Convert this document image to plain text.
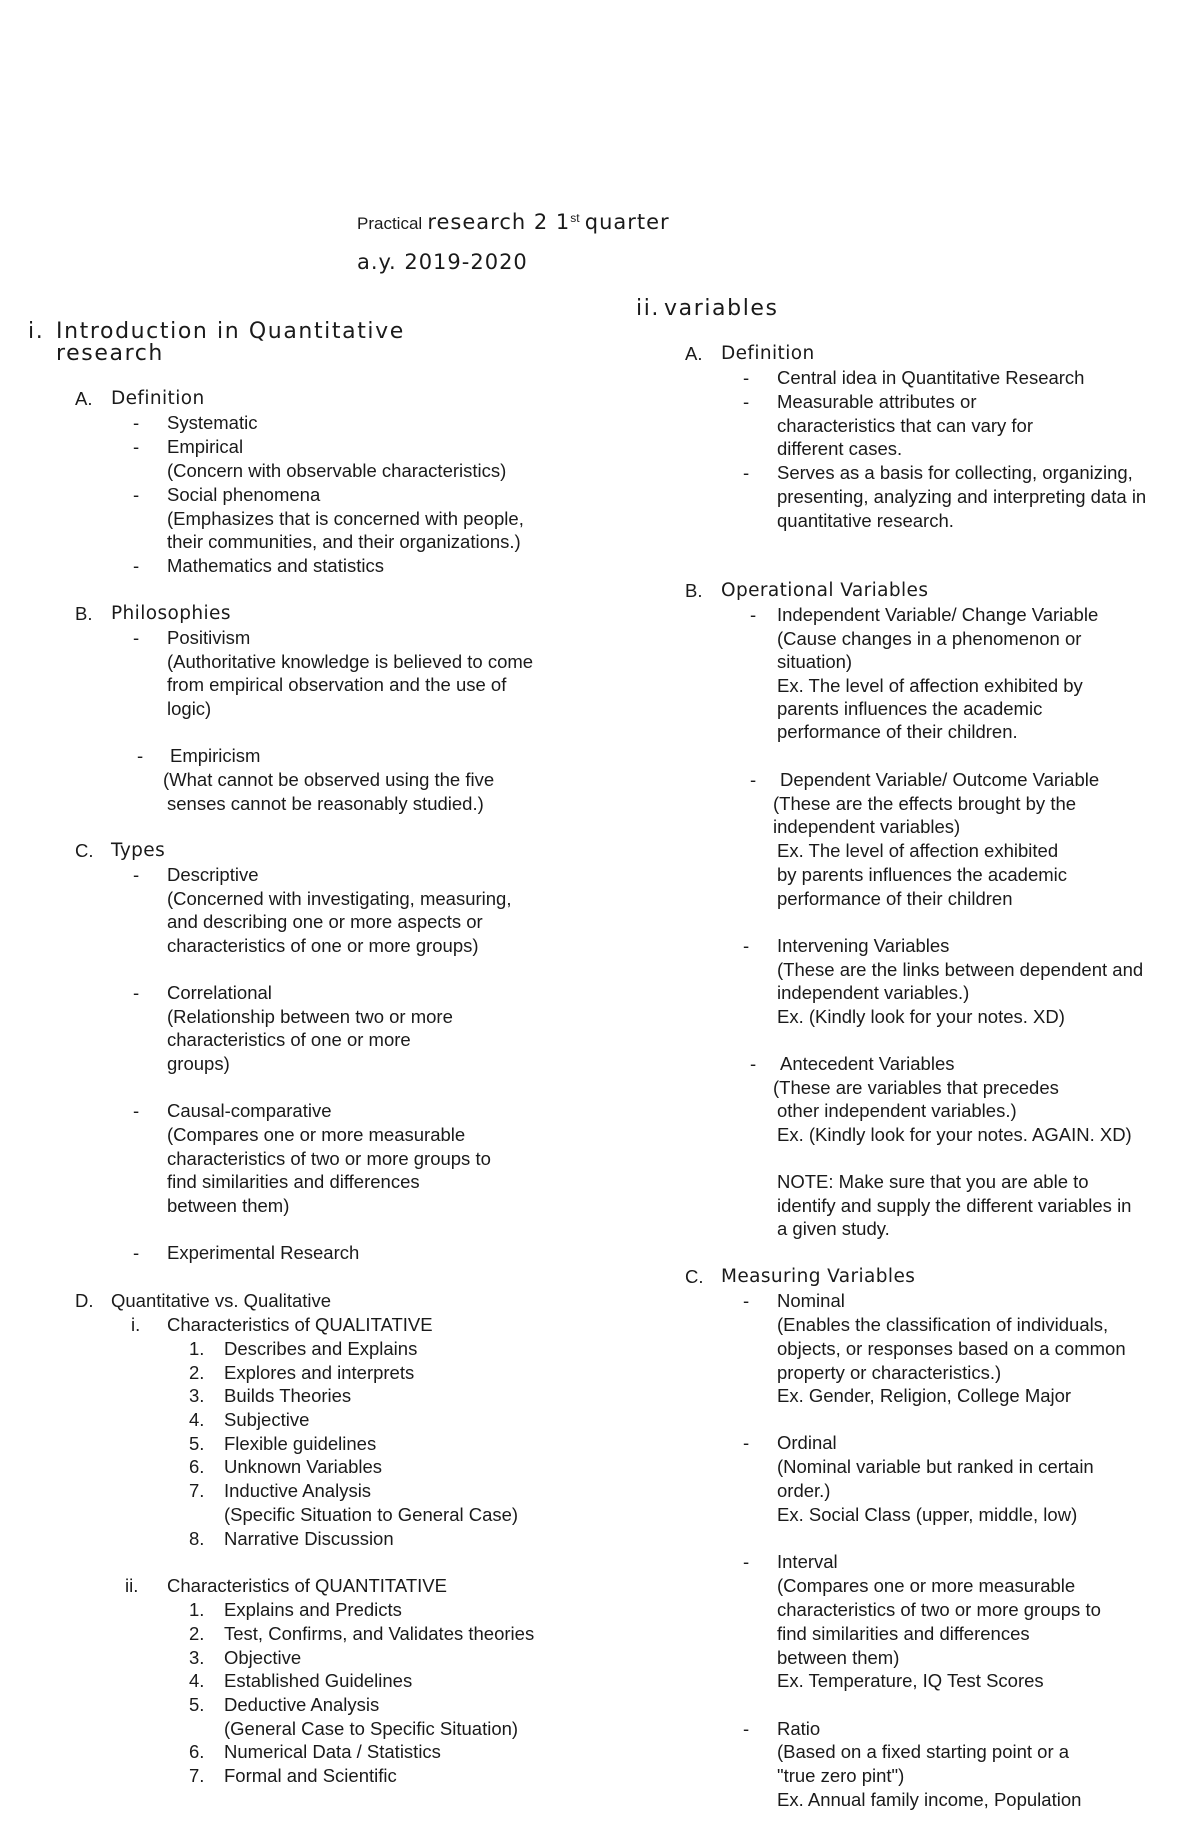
Practical research 2 1st quarter
a.y. 2019-2020
i. Introduction in Quantitative
research
A. Definition
- Systematic
- Empirical
(Concern with observable characteristics)
- Social phenomena
(Emphasizes that is concerned with people,
their communities, and their organizations.)
- Mathematics and statistics
B. Philosophies
- Positivism
(Authoritative knowledge is believed to come
from empirical observation and the use of
logic)
- Empiricism
(What cannot be observed using the five
senses cannot be reasonably studied.)
C. Types
- Descriptive
(Concerned with investigating, measuring,
and describing one or more aspects or
characteristics of one or more groups)
- Correlational
(Relationship between two or more
characteristics of one or more
groups)
- Causal-comparative
(Compares one or more measurable
characteristics of two or more groups to
find similarities and differences
between them)
- Experimental Research
D. Quantitative vs. Qualitative
i. Characteristics of QUALITATIVE
1. Describes and Explains
2. Explores and interprets
3. Builds Theories
4. Subjective
5. Flexible guidelines
6. Unknown Variables
7. Inductive Analysis
(Specific Situation to General Case)
8. Narrative Discussion
ii. Characteristics of QUANTITATIVE
1. Explains and Predicts
2. Test, Confirms, and Validates theories
3. Objective
4. Established Guidelines
5. Deductive Analysis
(General Case to Specific Situation)
6. Numerical Data / Statistics
7. Formal and Scientific
ii. variables
A. Definition
- Central idea in Quantitative Research
- Measurable attributes or
characteristics that can vary for
different cases.
- Serves as a basis for collecting, organizing,
presenting, analyzing and interpreting data in
quantitative research.
B. Operational Variables
- Independent Variable/ Change Variable
(Cause changes in a phenomenon or
situation)
Ex. The level of affection exhibited by
parents influences the academic
performance of their children.
- Dependent Variable/ Outcome Variable
(These are the effects brought by the
independent variables)
Ex. The level of affection exhibited
by parents influences the academic
performance of their children
- Intervening Variables
(These are the links between dependent and
independent variables.)
Ex. (Kindly look for your notes. XD)
- Antecedent Variables
(These are variables that precedes
other independent variables.)
Ex. (Kindly look for your notes. AGAIN. XD)
NOTE: Make sure that you are able to
identify and supply the different variables in
a given study.
C. Measuring Variables
- Nominal
(Enables the classification of individuals,
objects, or responses based on a common
property or characteristics.)
Ex. Gender, Religion, College Major
- Ordinal
(Nominal variable but ranked in certain
order.)
Ex. Social Class (upper, middle, low)
- Interval
(Compares one or more measurable
characteristics of two or more groups to
find similarities and differences
between them)
Ex. Temperature, IQ Test Scores
- Ratio
(Based on a fixed starting point or a
"true zero pint")
Ex. Annual family income, Population
